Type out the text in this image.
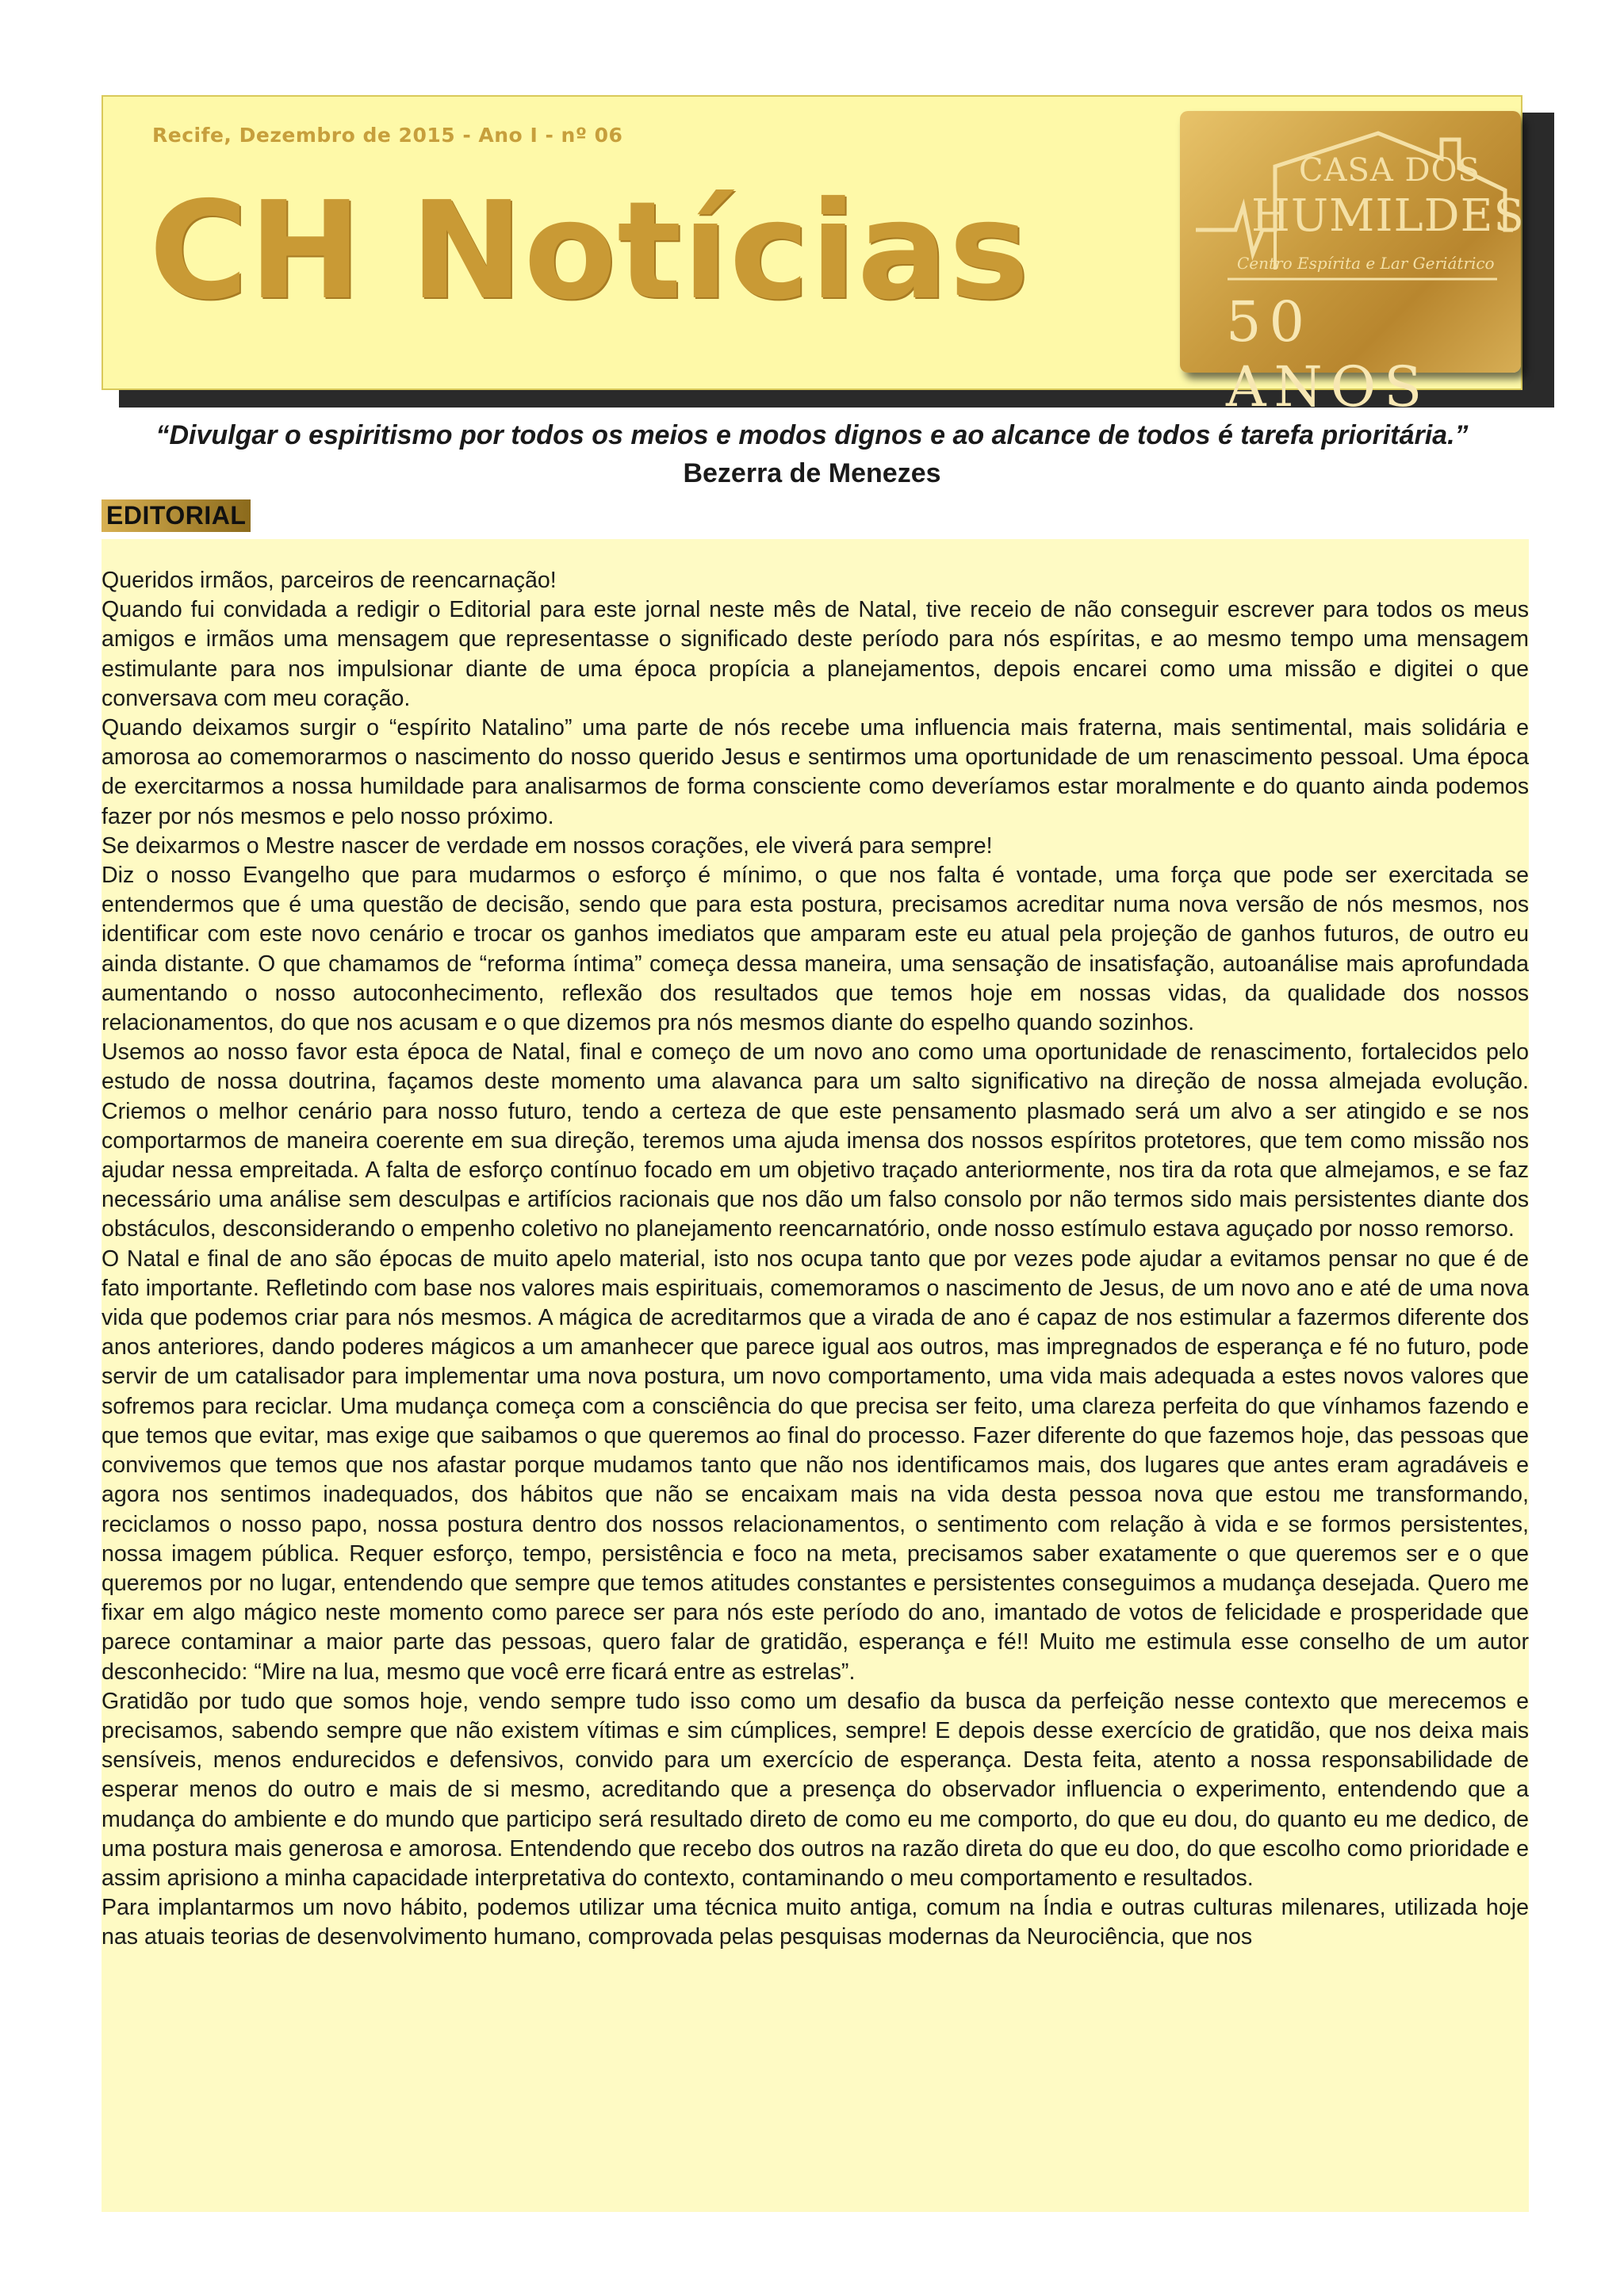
Recife, Dezembro de 2015 - Ano I - nº 06
CH Notícias
CASA DOS
HUMILDES
Centro Espírita e Lar Geriátrico
50 ANOS
“Divulgar o espiritismo por todos os meios e modos dignos e ao alcance de todos é tarefa prioritária.”
Bezerra de Menezes
EDITORIAL

Queridos irmãos, parceiros de reencarnação!

Quando fui convidada a redigir o Editorial para este jornal neste mês de Natal, tive receio de não conseguir escrever para todos os meus amigos e irmãos uma mensagem que representasse o significado deste período para nós espíritas, e ao mesmo tempo uma mensagem estimulante para nos impulsionar diante de uma época propícia a planejamentos, depois encarei como uma missão e digitei o que conversava com meu coração.

Quando deixamos surgir o “espírito Natalino” uma parte de nós recebe uma influencia mais fraterna, mais sentimental, mais solidária e amorosa ao comemorarmos o nascimento do nosso querido Jesus e sentirmos uma oportunidade de um renascimento pessoal. Uma época de exercitarmos a nossa humildade para analisarmos de forma consciente como deveríamos estar moralmente e do quanto ainda podemos fazer por nós mesmos e pelo nosso próximo.

Se deixarmos o Mestre nascer de verdade em nossos corações, ele viverá para sempre!

Diz o nosso Evangelho que para mudarmos o esforço é mínimo, o que nos falta é vontade, uma força que pode ser exercitada se entendermos que é uma questão de decisão, sendo que para esta postura, precisamos acreditar numa nova versão de nós mesmos, nos identificar com este novo cenário e trocar os ganhos imediatos que amparam este eu atual pela projeção de ganhos futuros, de outro eu ainda distante. O que chamamos de “reforma íntima” começa dessa maneira, uma sensação de insatisfação, autoanálise mais aprofundada aumentando o nosso autoconhecimento, reflexão dos resultados que temos hoje em nossas vidas, da qualidade dos nossos relacionamentos, do que nos acusam e o que dizemos pra nós mesmos diante do espelho quando sozinhos.

Usemos ao nosso favor esta época de Natal, final e começo de um novo ano como uma oportunidade de renascimento, fortalecidos pelo estudo de nossa doutrina, façamos deste momento uma alavanca para um salto significativo na direção de nossa almejada evolução. Criemos o melhor cenário para nosso futuro, tendo a certeza de que este pensamento plasmado será um alvo a ser atingido e se nos comportarmos de maneira coerente em sua direção, teremos uma ajuda imensa dos nossos espíritos protetores, que tem como missão nos ajudar nessa empreitada. A falta de esforço contínuo focado em um objetivo traçado anteriormente, nos tira da rota que almejamos, e se faz necessário uma análise sem desculpas e artifícios racionais que nos dão um falso consolo por não termos sido mais persistentes diante dos obstáculos, desconsiderando o empenho coletivo no planejamento reencarnatório, onde nosso estímulo estava aguçado por nosso remorso.

O Natal e final de ano são épocas de muito apelo material, isto nos ocupa tanto que por vezes pode ajudar a evitamos pensar no que é de fato importante. Refletindo com base nos valores mais espirituais, comemoramos o nascimento de Jesus, de um novo ano e até de uma nova vida que podemos criar para nós mesmos. A mágica de acreditarmos que a virada de ano é capaz de nos estimular a fazermos diferente dos anos anteriores, dando poderes mágicos a um amanhecer que parece igual aos outros, mas impregnados de esperança e fé no futuro, pode servir de um catalisador para implementar uma nova postura, um novo comportamento, uma vida mais adequada a estes novos valores que sofremos para reciclar. Uma mudança começa com a consciência do que precisa ser feito, uma clareza perfeita do que vínhamos fazendo e que temos que evitar, mas exige que saibamos o que queremos ao final do processo. Fazer diferente do que fazemos hoje, das pessoas que convivemos que temos que nos afastar porque mudamos tanto que não nos identificamos mais, dos lugares que antes eram agradáveis e agora nos sentimos inadequados, dos hábitos que não se encaixam mais na vida desta pessoa nova que estou me transformando, reciclamos o nosso papo, nossa postura dentro dos nossos relacionamentos, o sentimento com relação à vida e se formos persistentes, nossa imagem pública. Requer esforço, tempo, persistência e foco na meta, precisamos saber exatamente o que queremos ser e o que queremos por no lugar, entendendo que sempre que temos atitudes constantes e persistentes conseguimos a mudança desejada. Quero me fixar em algo mágico neste momento como parece ser para nós este período do ano, imantado de votos de felicidade e prosperidade que parece contaminar a maior parte das pessoas, quero falar de gratidão, esperança e fé!! Muito me estimula esse conselho de um autor desconhecido: “Mire na lua, mesmo que você erre ficará entre as estrelas”.

Gratidão por tudo que somos hoje, vendo sempre tudo isso como um desafio da busca da perfeição nesse contexto que merecemos e precisamos, sabendo sempre que não existem vítimas e sim cúmplices, sempre! E depois desse exercício de gratidão, que nos deixa mais sensíveis, menos endurecidos e defensivos, convido para um exercício de esperança. Desta feita, atento a nossa responsabilidade de esperar menos do outro e mais de si mesmo, acreditando que a presença do observador influencia o experimento, entendendo que a mudança do ambiente e do mundo que participo será resultado direto de como eu me comporto, do que eu dou, do quanto eu me dedico, de uma postura mais generosa e amorosa. Entendendo que recebo dos outros na razão direta do que eu doo, do que escolho como prioridade e assim aprisiono a minha capacidade interpretativa do contexto, contaminando o meu comportamento e resultados.

Para implantarmos um novo hábito, podemos utilizar uma técnica muito antiga, comum na Índia e outras culturas milenares, utilizada hoje nas atuais teorias de desenvolvimento humano, comprovada pelas pesquisas modernas da Neurociência, que nos
